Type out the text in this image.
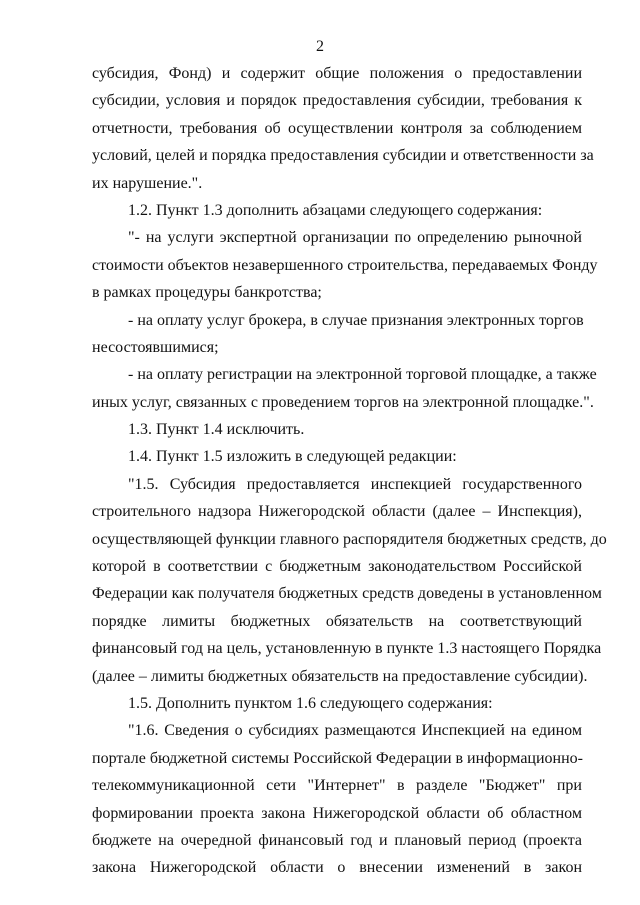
2
субсидия, Фонд) и содержит общие положения о предоставлении
субсидии, условия и порядок предоставления субсидии, требования к
отчетности, требования об осуществлении контроля за соблюдением
условий, целей и порядка предоставления субсидии и ответственности за
их нарушение.".
1.2. Пункт 1.3 дополнить абзацами следующего содержания:
"- на услуги экспертной организации по определению рыночной
стоимости объектов незавершенного строительства, передаваемых Фонду
в рамках процедуры банкротства;
- на оплату услуг брокера, в случае признания электронных торгов
несостоявшимися;
- на оплату регистрации на электронной торговой площадке, а также
иных услуг, связанных с проведением торгов на электронной площадке.".
1.3. Пункт 1.4 исключить.
1.4. Пункт 1.5 изложить в следующей редакции:
"1.5. Субсидия предоставляется инспекцией государственного
строительного надзора Нижегородской области (далее – Инспекция),
осуществляющей функции главного распорядителя бюджетных средств, до
которой в соответствии с бюджетным законодательством Российской
Федерации как получателя бюджетных средств доведены в установленном
порядке лимиты бюджетных обязательств на соответствующий
финансовый год на цель, установленную в пункте 1.3 настоящего Порядка
(далее – лимиты бюджетных обязательств на предоставление субсидии).
1.5. Дополнить пунктом 1.6 следующего содержания:
"1.6. Сведения о субсидиях размещаются Инспекцией на едином
портале бюджетной системы Российской Федерации в информационно-
телекоммуникационной сети "Интернет" в разделе "Бюджет" при
формировании проекта закона Нижегородской области об областном
бюджете на очередной финансовый год и плановый период (проекта
закона Нижегородской области о внесении изменений в закон
